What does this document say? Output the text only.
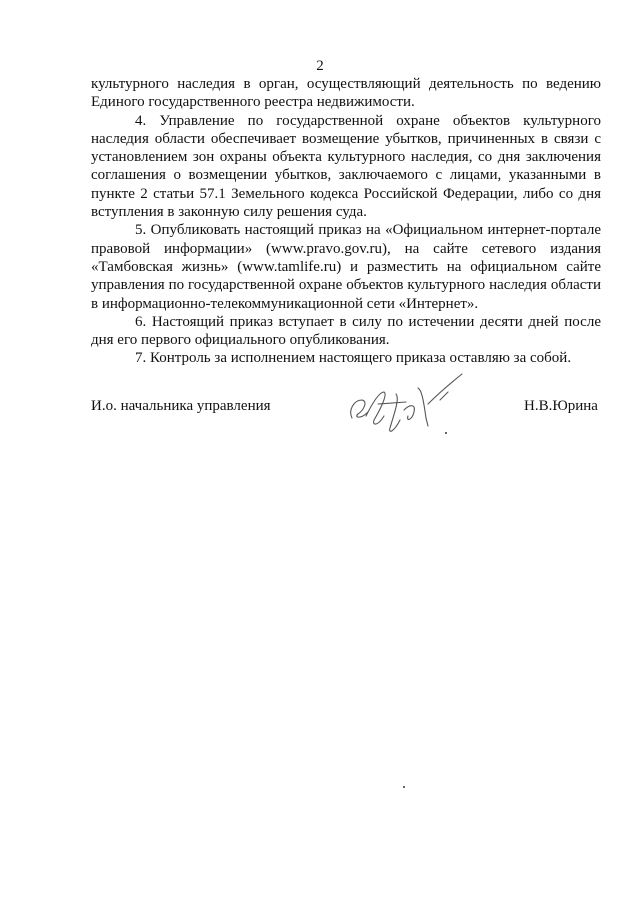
2

культурного наследия в орган, осуществляющий деятельность по ведению Единого государственного реестра недвижимости.

4. Управление по государственной охране объектов культурного наследия области обеспечивает возмещение убытков, причиненных в связи с установлением зон охраны объекта культурного наследия, со дня заключения соглашения о возмещении убытков, заключаемого с лицами, указанными в пункте 2 статьи 57.1 Земельного кодекса Российской Федерации, либо со дня вступления в законную силу решения суда.

5. Опубликовать настоящий приказ на «Официальном интернет-портале правовой информации» (www.pravo.gov.ru), на сайте сетевого издания «Тамбовская жизнь» (www.tamlife.ru) и разместить на официальном сайте управления по государственной охране объектов культурного наследия области в информационно-телекоммуникационной сети «Интернет».

6. Настоящий приказ вступает в силу по истечении десяти дней после дня его первого официального опубликования.

7. Контроль за исполнением настоящего приказа оставляю за собой.

И.о. начальника управления	Н.В.Юрина
